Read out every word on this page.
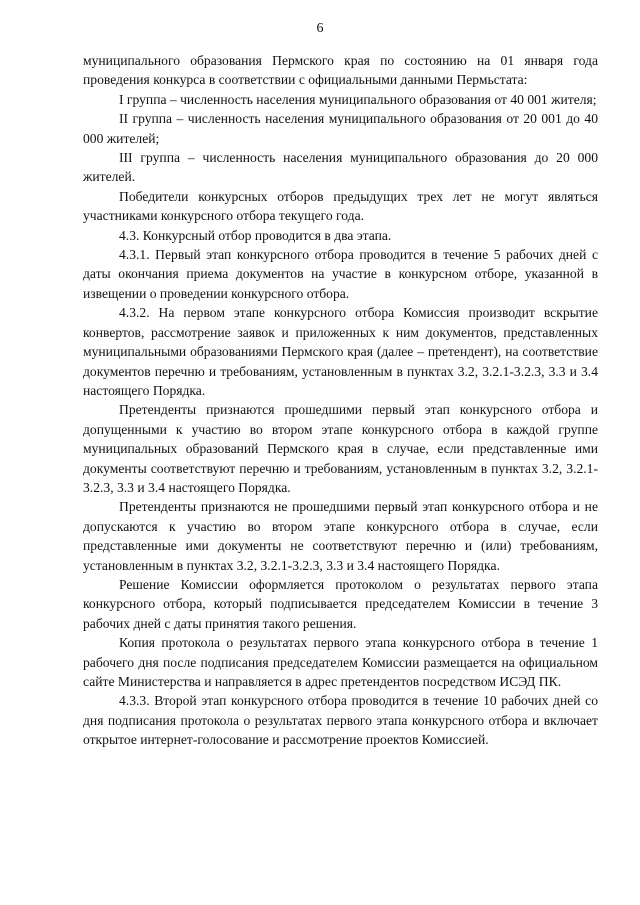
6

муниципального образования Пермского края по состоянию на 01 января года проведения конкурса в соответствии с официальными данными Пермьстата:

I группа – численность населения муниципального образования от 40 001 жителя;

II группа – численность населения муниципального образования от 20 001 до 40 000 жителей;

III группа – численность населения муниципального образования до 20 000 жителей.

Победители конкурсных отборов предыдущих трех лет не могут являться участниками конкурсного отбора текущего года.

4.3. Конкурсный отбор проводится в два этапа.

4.3.1. Первый этап конкурсного отбора проводится в течение 5 рабочих дней с даты окончания приема документов на участие в конкурсном отборе, указанной в извещении о проведении конкурсного отбора.

4.3.2. На первом этапе конкурсного отбора Комиссия производит вскрытие конвертов, рассмотрение заявок и приложенных к ним документов, представленных муниципальными образованиями Пермского края (далее – претендент), на соответствие документов перечню и требованиям, установленным в пунктах 3.2, 3.2.1-3.2.3, 3.3 и 3.4 настоящего Порядка.

Претенденты признаются прошедшими первый этап конкурсного отбора и допущенными к участию во втором этапе конкурсного отбора в каждой группе муниципальных образований Пермского края в случае, если представленные ими документы соответствуют перечню и требованиям, установленным в пунктах 3.2, 3.2.1-3.2.3, 3.3 и 3.4 настоящего Порядка.

Претенденты признаются не прошедшими первый этап конкурсного отбора и не допускаются к участию во втором этапе конкурсного отбора в случае, если представленные ими документы не соответствуют перечню и (или) требованиям, установленным в пунктах 3.2, 3.2.1-3.2.3, 3.3 и 3.4 настоящего Порядка.

Решение Комиссии оформляется протоколом о результатах первого этапа конкурсного отбора, который подписывается председателем Комиссии в течение 3 рабочих дней с даты принятия такого решения.

Копия протокола о результатах первого этапа конкурсного отбора в течение 1 рабочего дня после подписания председателем Комиссии размещается на официальном сайте Министерства и направляется в адрес претендентов посредством ИСЭД ПК.

4.3.3. Второй этап конкурсного отбора проводится в течение 10 рабочих дней со дня подписания протокола о результатах первого этапа конкурсного отбора и включает открытое интернет-голосование и рассмотрение проектов Комиссией.
